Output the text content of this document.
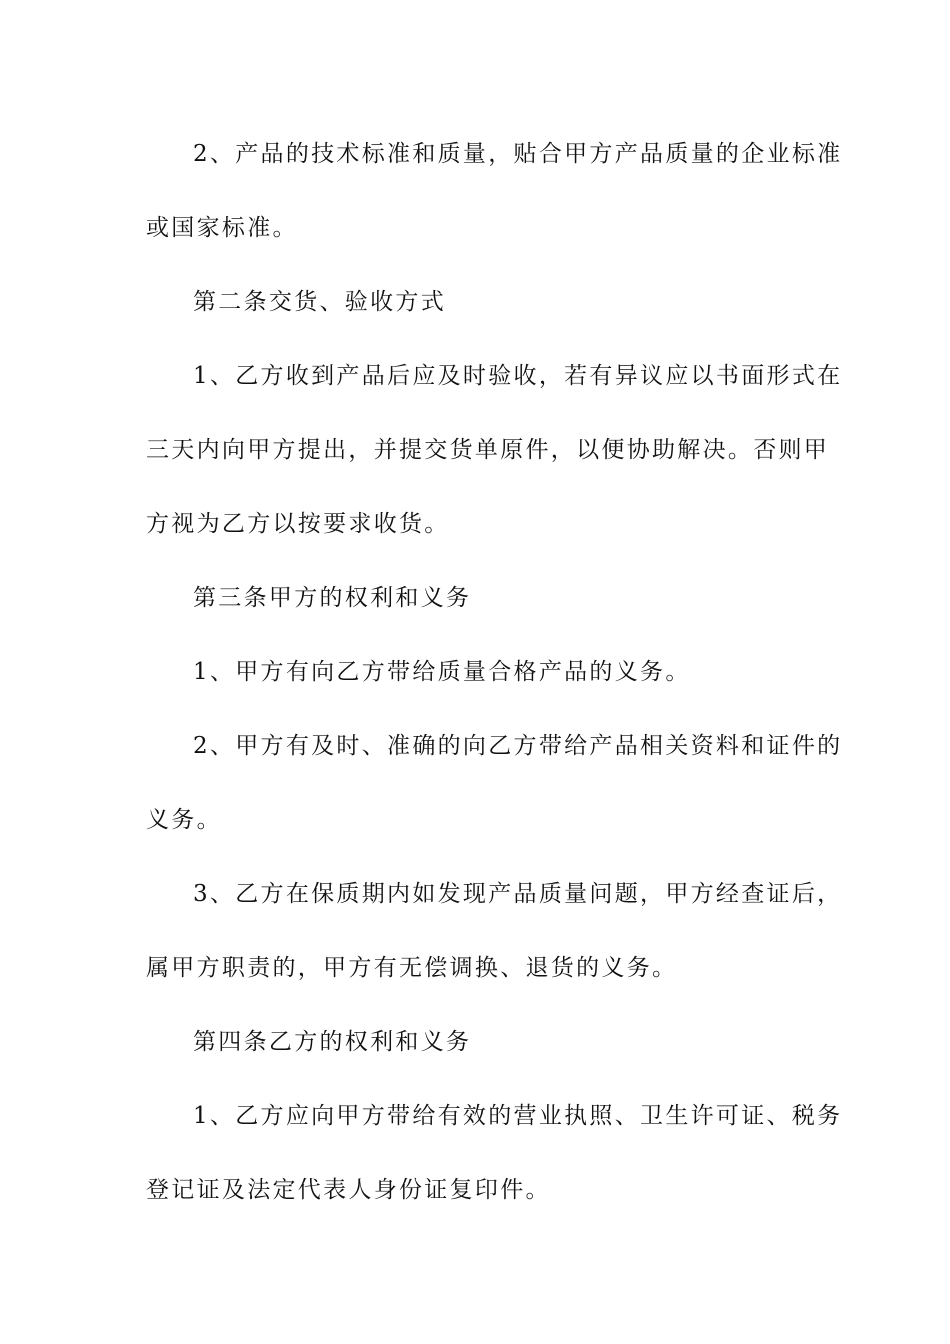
2、产品的技术标准和质量，贴合甲方产品质量的企业标准
或国家标准。
第二条交货、验收方式
1、乙方收到产品后应及时验收，若有异议应以书面形式在
三天内向甲方提出，并提交货单原件，以便协助解决。否则甲
方视为乙方以按要求收货。
第三条甲方的权利和义务
1、甲方有向乙方带给质量合格产品的义务。
2、甲方有及时、准确的向乙方带给产品相关资料和证件的
义务。
3、乙方在保质期内如发现产品质量问题，甲方经查证后，
属甲方职责的，甲方有无偿调换、退货的义务。
第四条乙方的权利和义务
1、乙方应向甲方带给有效的营业执照、卫生许可证、税务
登记证及法定代表人身份证复印件。
